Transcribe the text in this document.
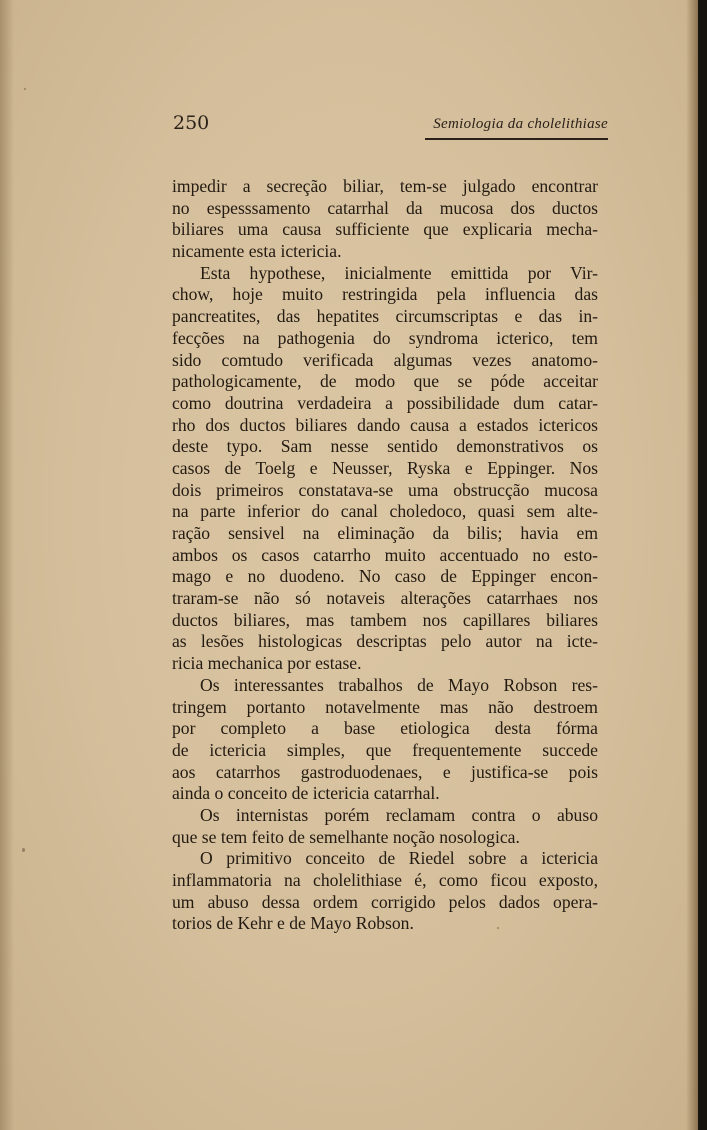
250	Semiologia da cholelithiase
impedir a secreção biliar, tem-se julgado encontrar
no espesssamento catarrhal da mucosa dos ductos
biliares uma causa sufficiente que explicaria mecha-
nicamente esta ictericia.
Esta hypothese, inicialmente emittida por Vir-
chow, hoje muito restringida pela influencia das
pancreatites, das hepatites circumscriptas e das in-
fecções na pathogenia do syndroma icterico, tem
sido comtudo verificada algumas vezes anatomo-
pathologicamente, de modo que se póde acceitar
como doutrina verdadeira a possibilidade dum catar-
rho dos ductos biliares dando causa a estados ictericos
deste typo. Sam nesse sentido demonstrativos os
casos de Toelg e Neusser, Ryska e Eppinger. Nos
dois primeiros constatava-se uma obstrucção mucosa
na parte inferior do canal choledoco, quasi sem alte-
ração sensivel na eliminação da bilis; havia em
ambos os casos catarrho muito accentuado no esto-
mago e no duodeno. No caso de Eppinger encon-
traram-se não só notaveis alterações catarrhaes nos
ductos biliares, mas tambem nos capillares biliares
as lesões histologicas descriptas pelo autor na icte-
ricia mechanica por estase.
Os interessantes trabalhos de Mayo Robson res-
tringem portanto notavelmente mas não destroem
por completo a base etiologica desta fórma
de ictericia simples, que frequentemente succede
aos catarrhos gastroduodenaes, e justifica-se pois
ainda o conceito de ictericia catarrhal.
Os internistas porém reclamam contra o abuso
que se tem feito de semelhante noção nosologica.
O primitivo conceito de Riedel sobre a ictericia
inflammatoria na cholelithiase é, como ficou exposto,
um abuso dessa ordem corrigido pelos dados opera-
torios de Kehr e de Mayo Robson.
